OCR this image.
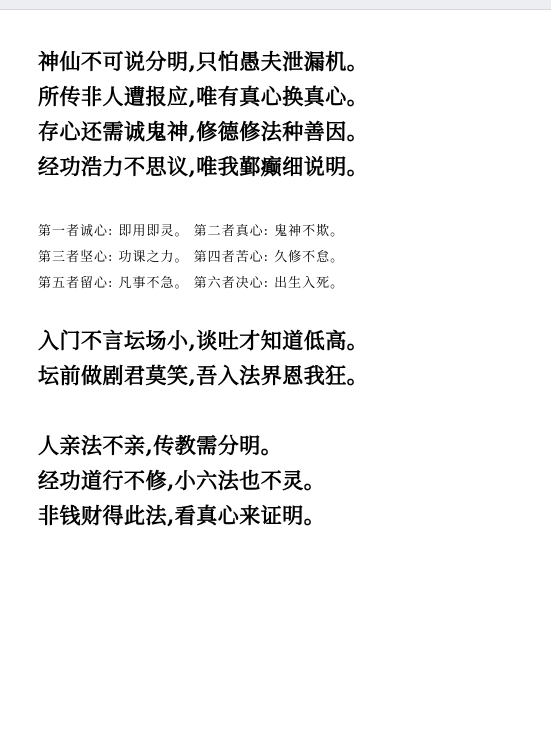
神仙不可说分明,只怕愚夫泄漏机。
所传非人遭报应,唯有真心换真心。
存心还需诚鬼神,修德修法种善因。
经功浩力不思议,唯我鄞癫细说明。
第一者诚心: 即用即灵。 第二者真心: 鬼神不欺。
第三者坚心: 功课之力。 第四者苦心: 久修不怠。
第五者留心: 凡事不急。 第六者决心: 出生入死。
入门不言坛场小,谈吐才知道低高。
坛前做剧君莫笑,吾入法界恩我狂。
人亲法不亲,传教需分明。
经功道行不修,小六法也不灵。
非钱财得此法,看真心来证明。
